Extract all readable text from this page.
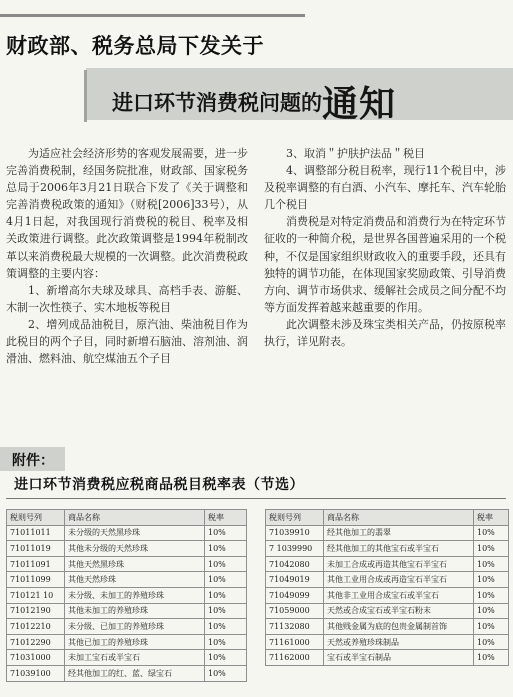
财政部、税务总局下发关于
进口环节消费税问题的通知

为适应社会经济形势的客观发展需要，进一步完善消费税制，经国务院批准，财政部、国家税务总局于2006年3月21日联合下发了《关于调整和完善消费税政策的通知》（财税[2006]33号），从4月1日起，对我国现行消费税的税目、税率及相关政策进行调整。此次政策调整是1994年税制改革以来消费税最大规模的一次调整。此次消费税政策调整的主要内容：

1、新增高尔夫球及球具、高档手表、游艇、木制一次性筷子、实木地板等税目

2、增列成品油税目，原汽油、柴油税目作为此税目的两个子目，同时新增石脑油、溶剂油、润滑油、燃料油、航空煤油五个子目

3、取消＂护肤护法品＂税目

4、调整部分税目税率，现行11个税目中，涉及税率调整的有白酒、小汽车、摩托车、汽车轮胎几个税目

消费税是对特定消费品和消费行为在特定环节征收的一种简介税，是世界各国普遍采用的一个税种，不仅是国家组织财政收入的重要手段，还具有独特的调节功能，在体现国家奖励政策、引导消费方向、调节市场供求、缓解社会成员之间分配不均等方面发挥着越来越重要的作用。

此次调整未涉及珠宝类相关产品，仍按原税率执行，详见附表。

附件：
进口环节消费税应税商品税目税率表（节选）
税则号列	商品名称	税率
71011011	未分级的天然黑珍珠	10%
71011019	其他未分级的天然珍珠	10%
71011091	其他天然黑珍珠	10%
71011099	其他天然珍珠	10%
710121 10	未分级、未加工的养殖珍珠	10%
71012190	其他未加工的养殖珍珠	10%
71012210	未分级、已加工的养殖珍珠	10%
71012290	其他已加工的养殖珍珠	10%
71031000	未加工宝石或半宝石	10%
71039100	经其他加工的红、蓝、绿宝石	10%
税则号列	商品名称	税率
71039910	经其他加工的翡翠	10%
7 1039990	经其他加工的其他宝石或半宝石	10%
71042080	未加工合成或再造其他宝石半宝石	10%
71049019	其他工业用合成或再造宝石半宝石	10%
71049099	其他非工业用合成宝石或半宝石	10%
71059000	天然或合成宝石或半宝石粉末	10%
71132080	其他贱金属为底的包贵金属制首饰	10%
71161000	天然或养殖珍珠制品	10%
71162000	宝石或半宝石制品	10%
